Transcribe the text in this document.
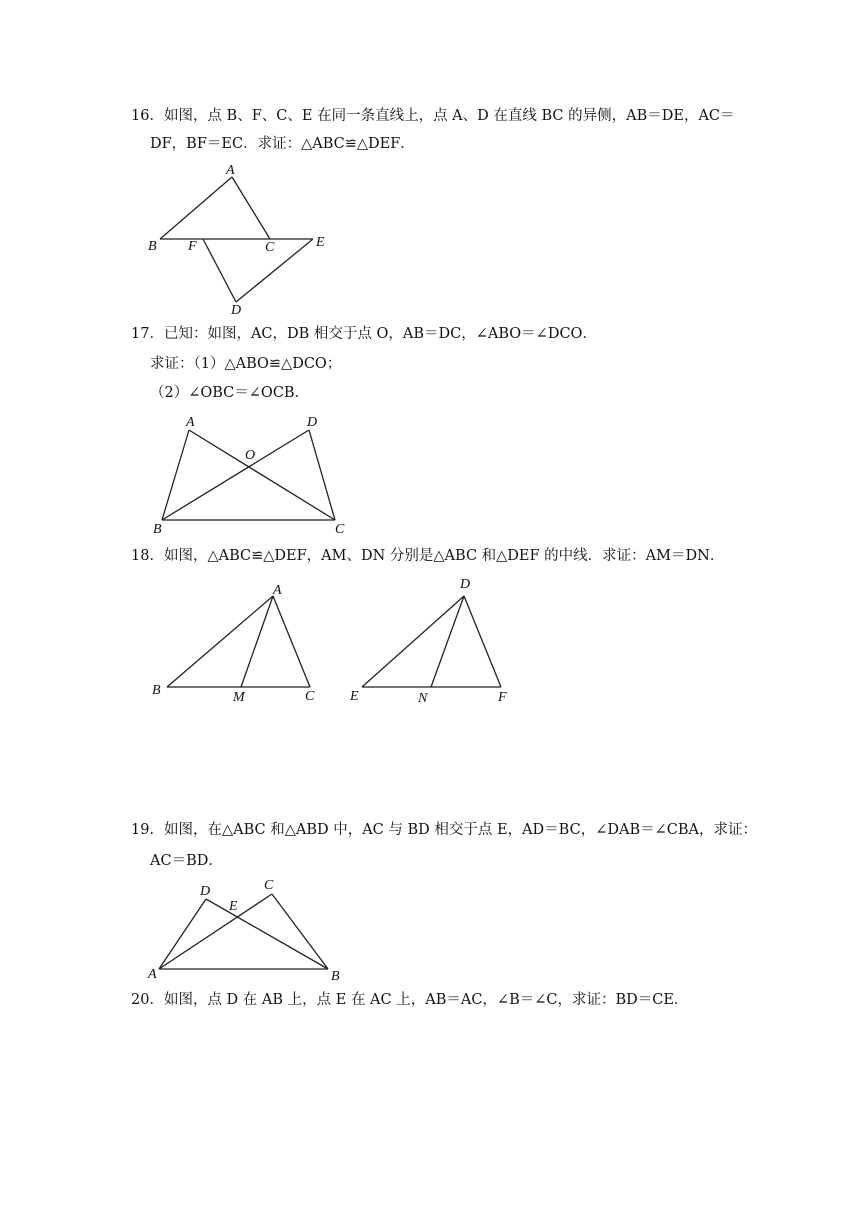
16．如图，点 B、F、C、E 在同一条直线上，点 A、D 在直线 BC 的异侧，AB＝DE，AC＝
DF，BF＝EC．求证：△ABC≌△DEF．
A
B F	C	E
D
17．已知：如图，AC，DB 相交于点 O，AB＝DC，∠ABO＝∠DCO．
求证：（1）△ABO≌△DCO；
（2）∠OBC＝∠OCB．
A	D
O
B	C
18．如图，△ABC≌△DEF，AM、DN 分别是△ABC 和△DEF 的中线．求证：AM＝DN．
A
B	M	C
D
E	N	F
19．如图，在△ABC 和△ABD 中，AC 与 BD 相交于点 E，AD＝BC，∠DAB＝∠CBA，求证：
AC＝BD．
D
E
C
A	B
20．如图，点 D 在 AB 上，点 E 在 AC 上，AB＝AC，∠B＝∠C，求证：BD＝CE．
